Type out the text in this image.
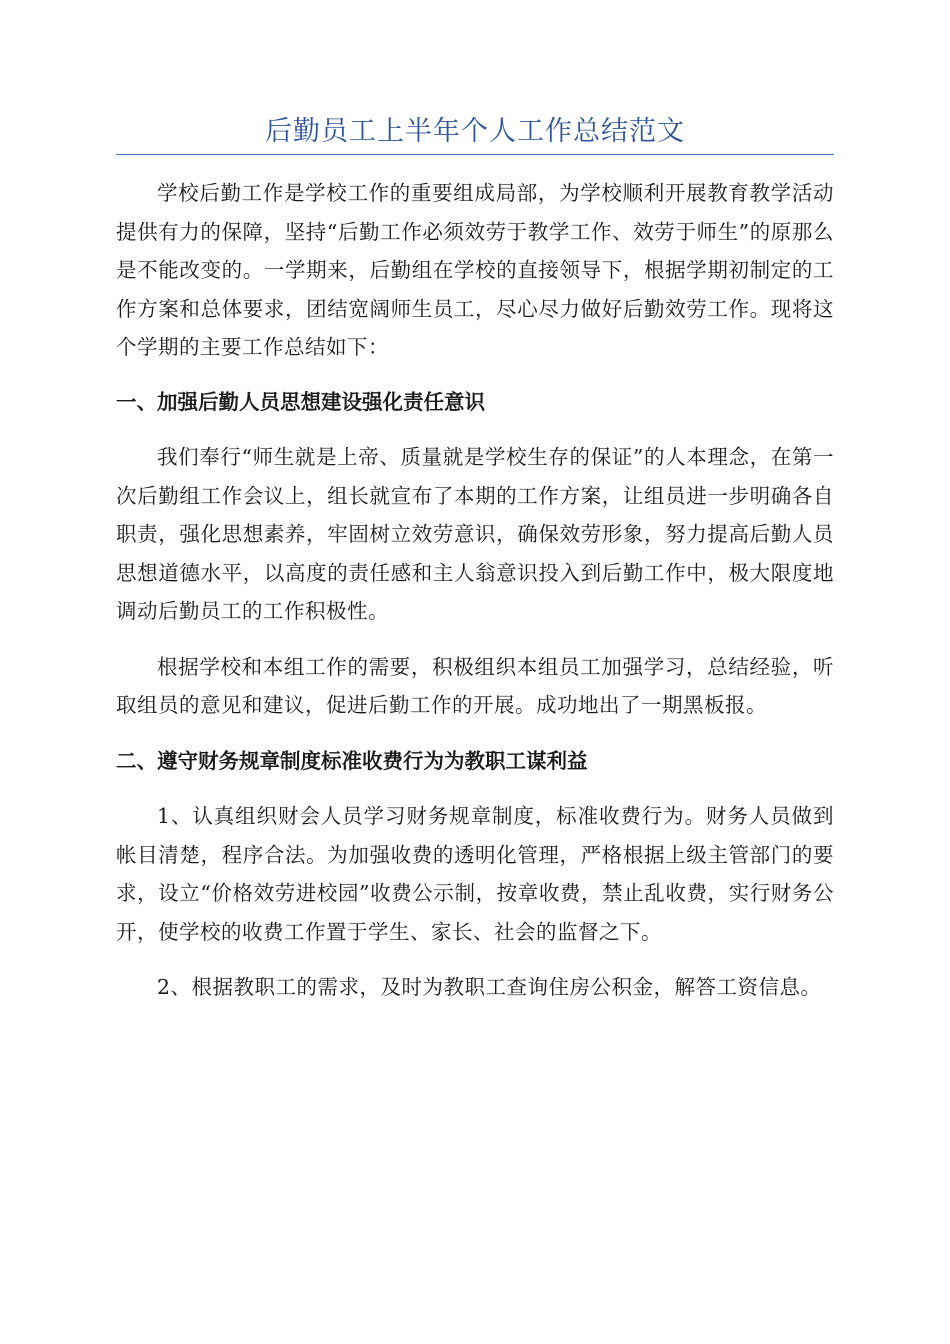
后勤员工上半年个人工作总结范文

学校后勤工作是学校工作的重要组成局部，为学校顺利开展教育教学活动提供有力的保障，坚持“后勤工作必须效劳于教学工作、效劳于师生”的原那么是不能改变的。一学期来，后勤组在学校的直接领导下，根据学期初制定的工作方案和总体要求，团结宽阔师生员工，尽心尽力做好后勤效劳工作。现将这个学期的主要工作总结如下：

一、加强后勤人员思想建设强化责任意识

我们奉行“师生就是上帝、质量就是学校生存的保证”的人本理念，在第一次后勤组工作会议上，组长就宣布了本期的工作方案，让组员进一步明确各自职责，强化思想素养，牢固树立效劳意识，确保效劳形象，努力提高后勤人员思想道德水平，以高度的责任感和主人翁意识投入到后勤工作中，极大限度地调动后勤员工的工作积极性。

根据学校和本组工作的需要，积极组织本组员工加强学习，总结经验，听取组员的意见和建议，促进后勤工作的开展。成功地出了一期黑板报。

二、遵守财务规章制度标准收费行为为教职工谋利益

1、认真组织财会人员学习财务规章制度，标准收费行为。财务人员做到帐目清楚，程序合法。为加强收费的透明化管理，严格根据上级主管部门的要求，设立“价格效劳进校园”收费公示制，按章收费，禁止乱收费，实行财务公开，使学校的收费工作置于学生、家长、社会的监督之下。

2、根据教职工的需求，及时为教职工查询住房公积金，解答工资信息。
